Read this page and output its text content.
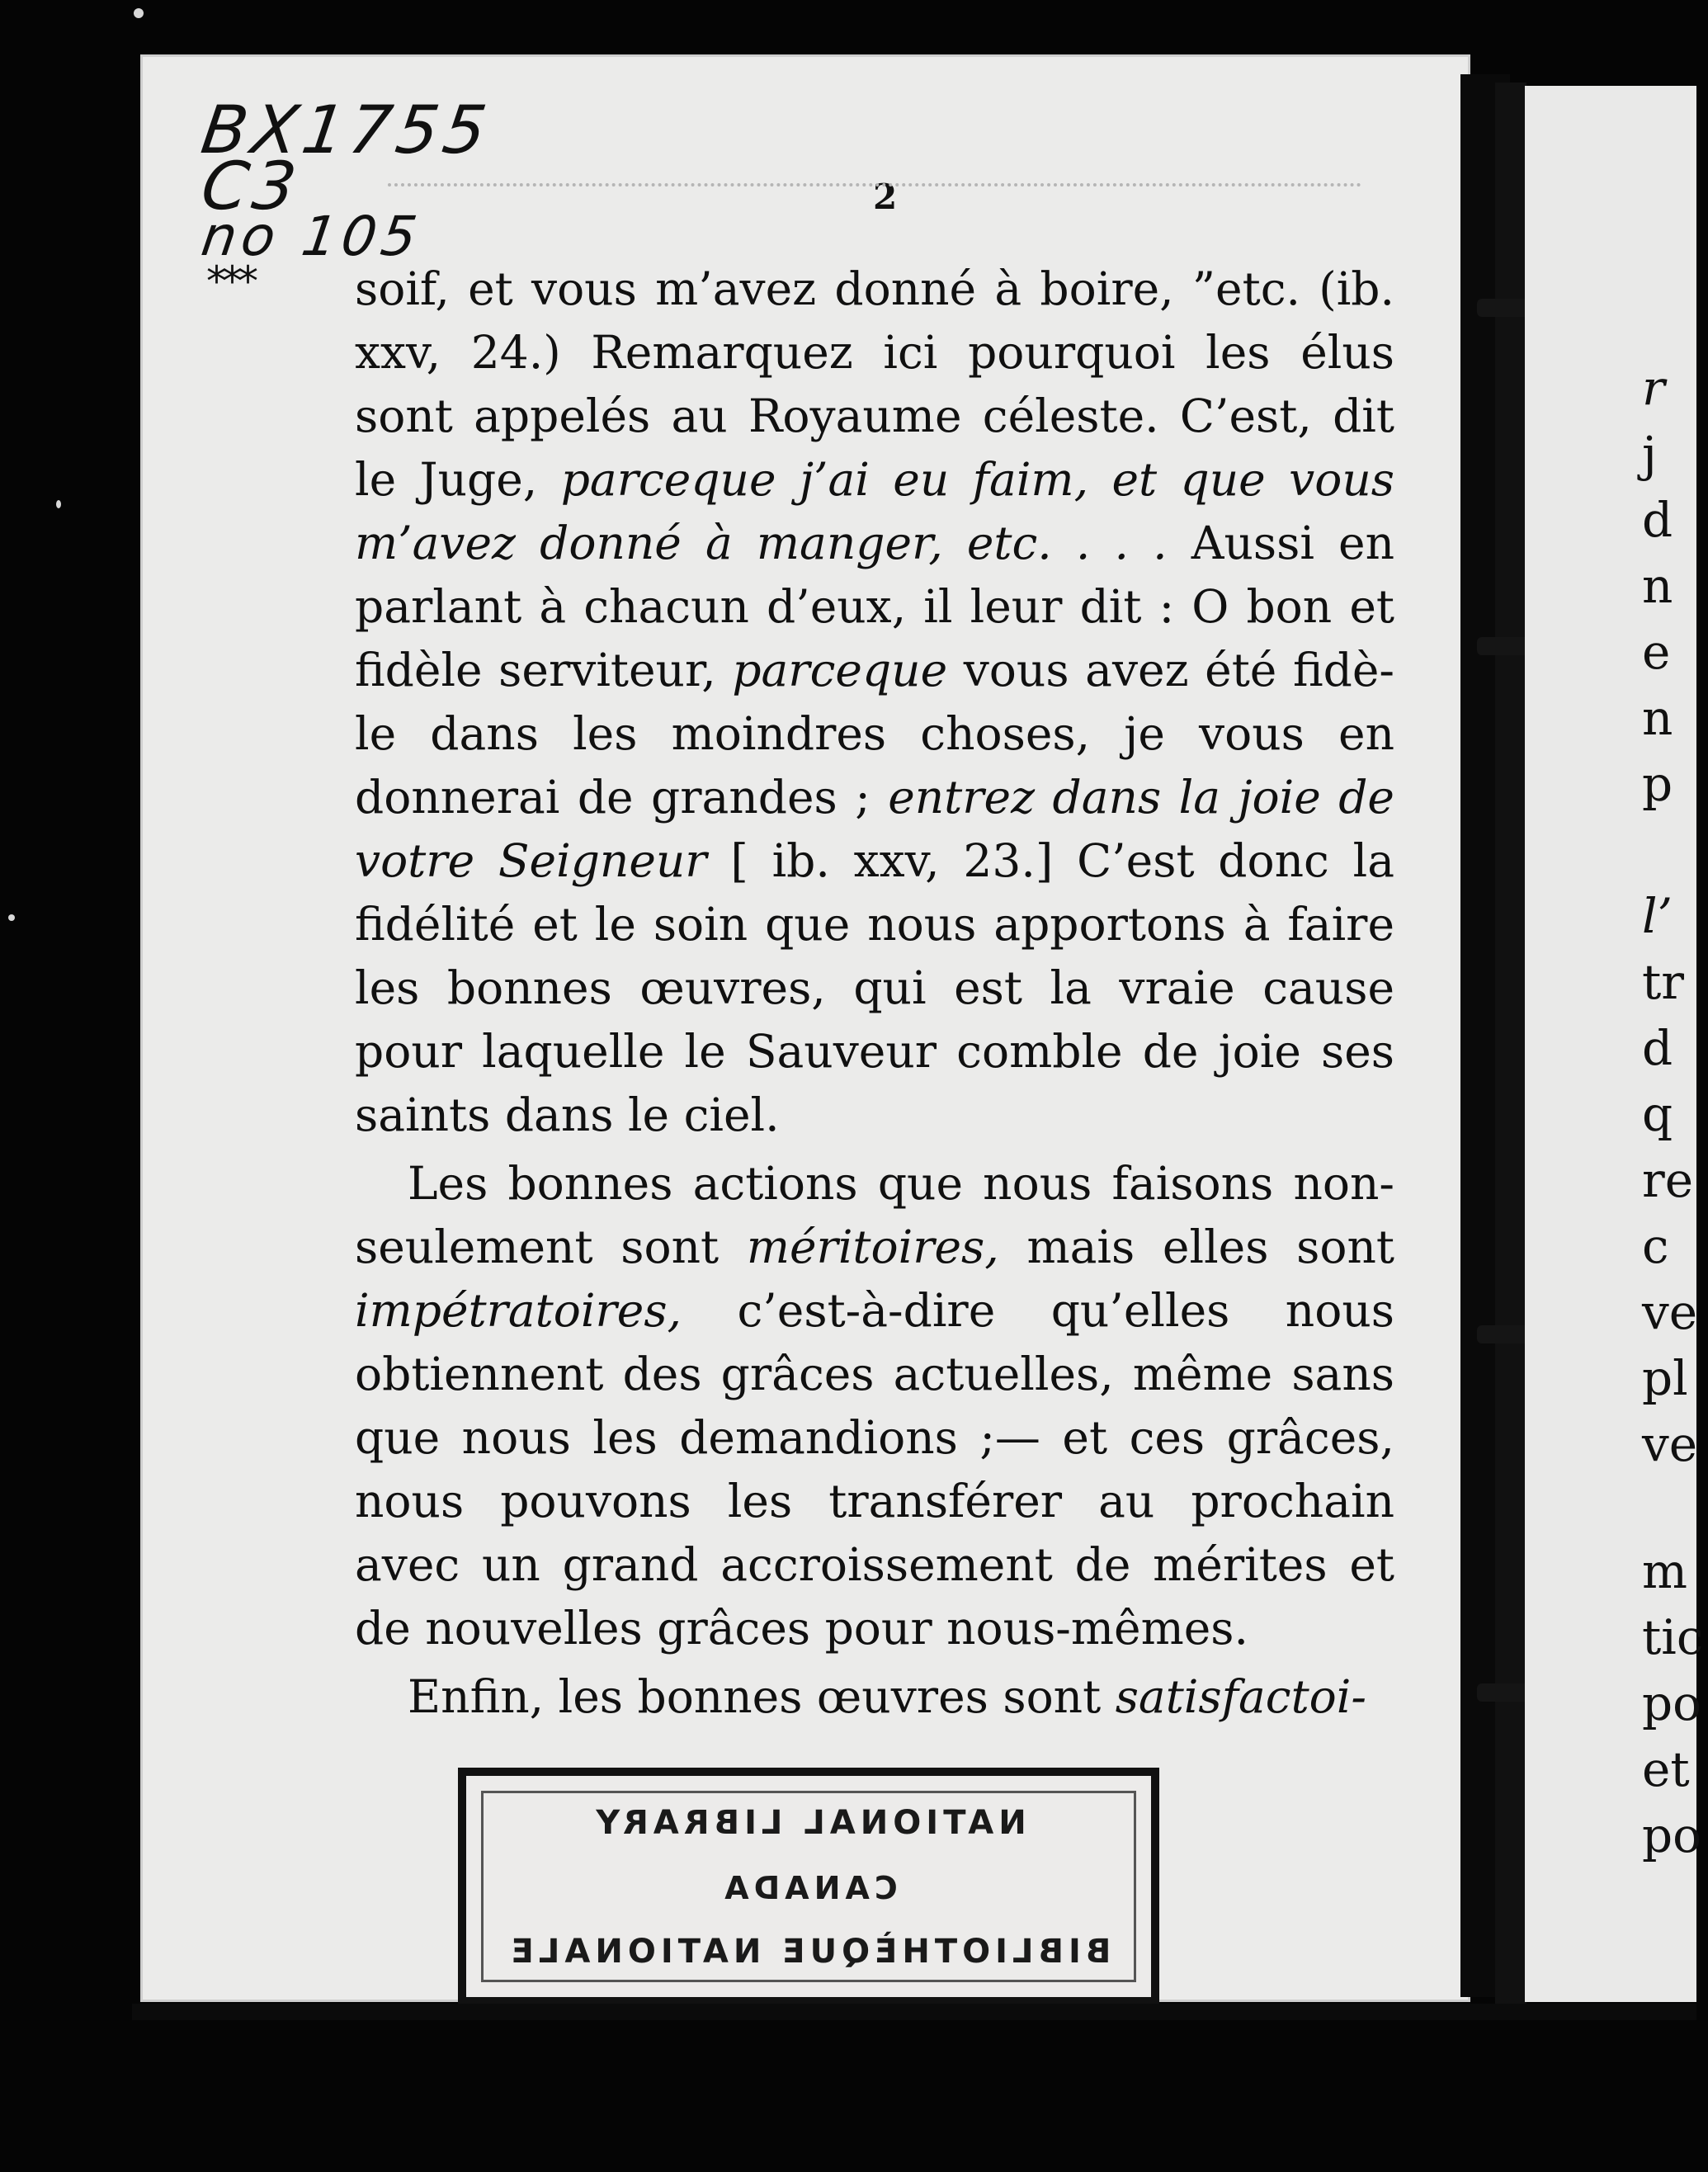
BX1755
C3
no 105
***
2

soif, et vous m’avez donné à boire, ”etc. (ib. xxv, 24.) Remarquez ici pourquoi les élus sont appelés au Royaume céleste. C’est, dit le Juge, parceque j’ai eu faim, et que vous m’avez donné à manger, etc. . . . Aussi en parlant à chacun d’eux, il leur dit : O bon et fidèle serviteur, parceque vous avez été fidè-le dans les moindres choses, je vous en donnerai de grandes ; entrez dans la joie de votre Seigneur [ ib. xxv, 23.] C’est donc la fidélité et le soin que nous apportons à faire les bonnes œuvres, qui est la vraie cause pour laquelle le Sauveur comble de joie ses saints dans le ciel.

Les bonnes actions que nous faisons non-seulement sont méritoires, mais elles sont impétratoires, c’est-à-dire qu’elles nous obtiennent des grâces actuelles, même sans que nous les demandions ;— et ces grâces, nous pouvons les transférer au prochain avec un grand accroissement de mérites et de nouvelles grâces pour nous-mêmes.

Enfin, les bonnes œuvres sont satisfactoi-

NATIONAL LIBRARY
CANADA
BIBLIOTHÈQUE NATIONALE
r
j
d
n
e
n
p
l’
tr
d
q
re
c
ve
pl
ve
m
tic
po
et
po
